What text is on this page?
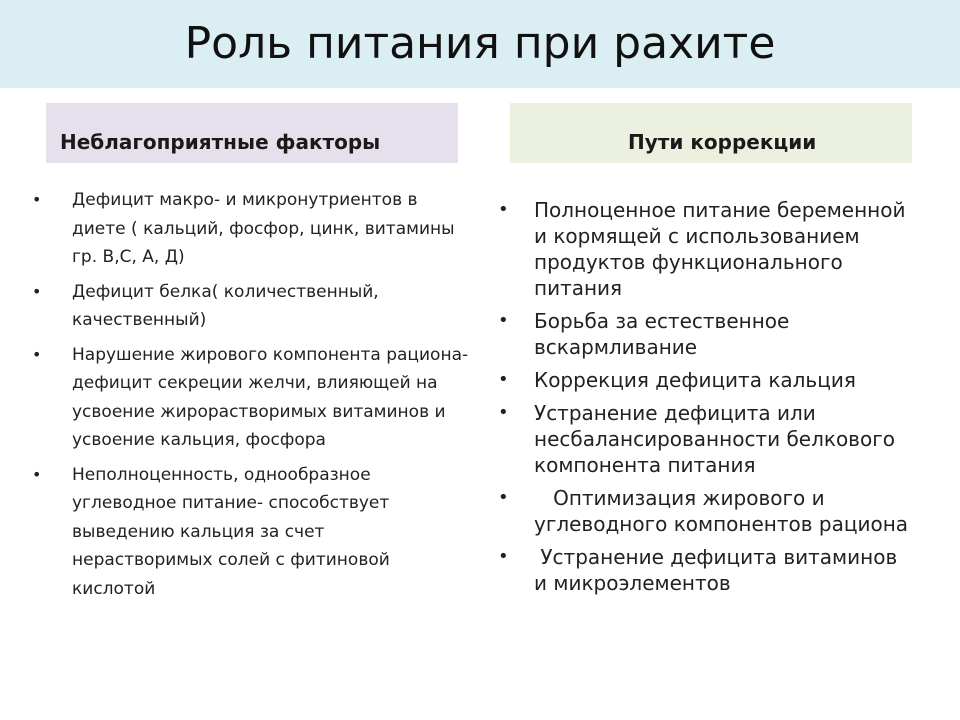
Роль питания при рахите
Неблагоприятные факторы	Пути коррекции
• Дефицит макро- и микронутриентов в диете ( кальций, фосфор, цинк, витамины гр. В,С, А, Д)
• Дефицит белка( количественный, качественный)
• Нарушение жирового компонента рациона- дефицит секреции желчи, влияющей на усвоение жирорастворимых витаминов и усвоение кальция, фосфора
• Неполноценность, однообразное углеводное питание- способствует выведению кальция за счет нерастворимых солей с фитиновой кислотой
• Полноценное питание беременной и кормящей с использованием продуктов функционального питания
• Борьба за естественное вскармливание
• Коррекция дефицита кальция
• Устранение дефицита или несбалансированности белкового компонента питания
• Оптимизация жирового и углеводного компонентов рациона
• Устранение дефицита витаминов и микроэлементов
